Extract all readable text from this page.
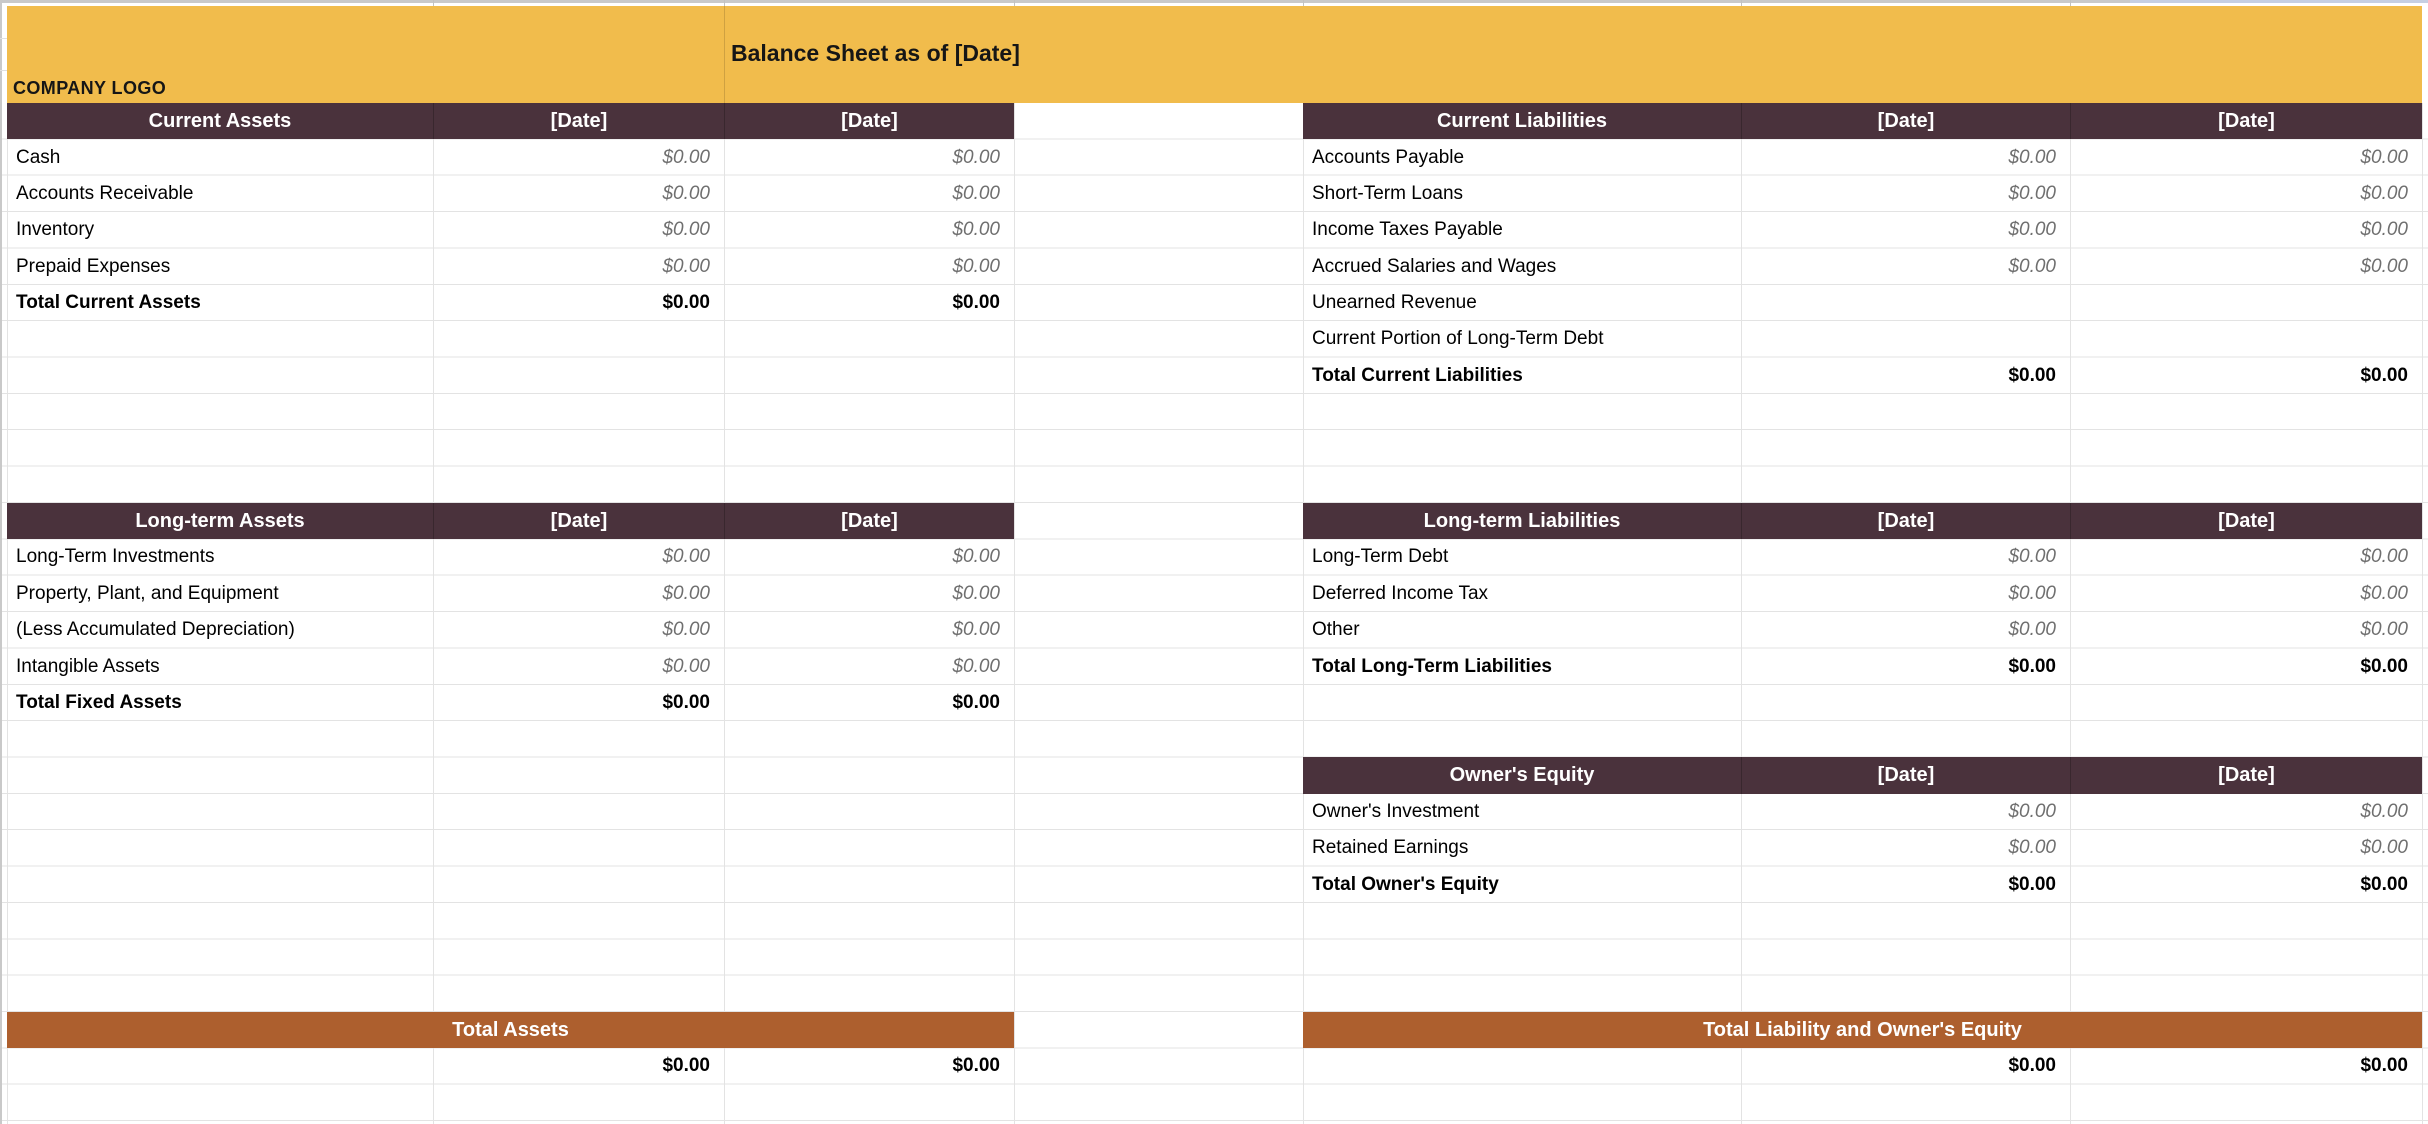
COMPANY LOGO
Balance Sheet as of [Date]
Current Assets	[Date]	[Date]
Cash	$0.00	$0.00
Accounts Receivable	$0.00	$0.00
Inventory	$0.00	$0.00
Prepaid Expenses	$0.00	$0.00
Total Current Assets	$0.00	$0.00
Long-term Assets	[Date]	[Date]
Long-Term Investments	$0.00	$0.00
Property, Plant, and Equipment	$0.00	$0.00
(Less Accumulated Depreciation)	$0.00	$0.00
Intangible Assets	$0.00	$0.00
Total Fixed Assets	$0.00	$0.00
Total Assets
$0.00	$0.00
Current Liabilities	[Date]	[Date]
Accounts Payable	$0.00	$0.00
Short-Term Loans	$0.00	$0.00
Income Taxes Payable	$0.00	$0.00
Accrued Salaries and Wages	$0.00	$0.00
Unearned Revenue
Current Portion of Long-Term Debt
Total Current Liabilities	$0.00	$0.00
Long-term Liabilities	[Date]	[Date]
Long-Term Debt	$0.00	$0.00
Deferred Income Tax	$0.00	$0.00
Other	$0.00	$0.00
Total Long-Term Liabilities	$0.00	$0.00
Owner's Equity	[Date]	[Date]
Owner's Investment	$0.00	$0.00
Retained Earnings	$0.00	$0.00
Total Owner's Equity	$0.00	$0.00
Total Liability and Owner's Equity
$0.00	$0.00
